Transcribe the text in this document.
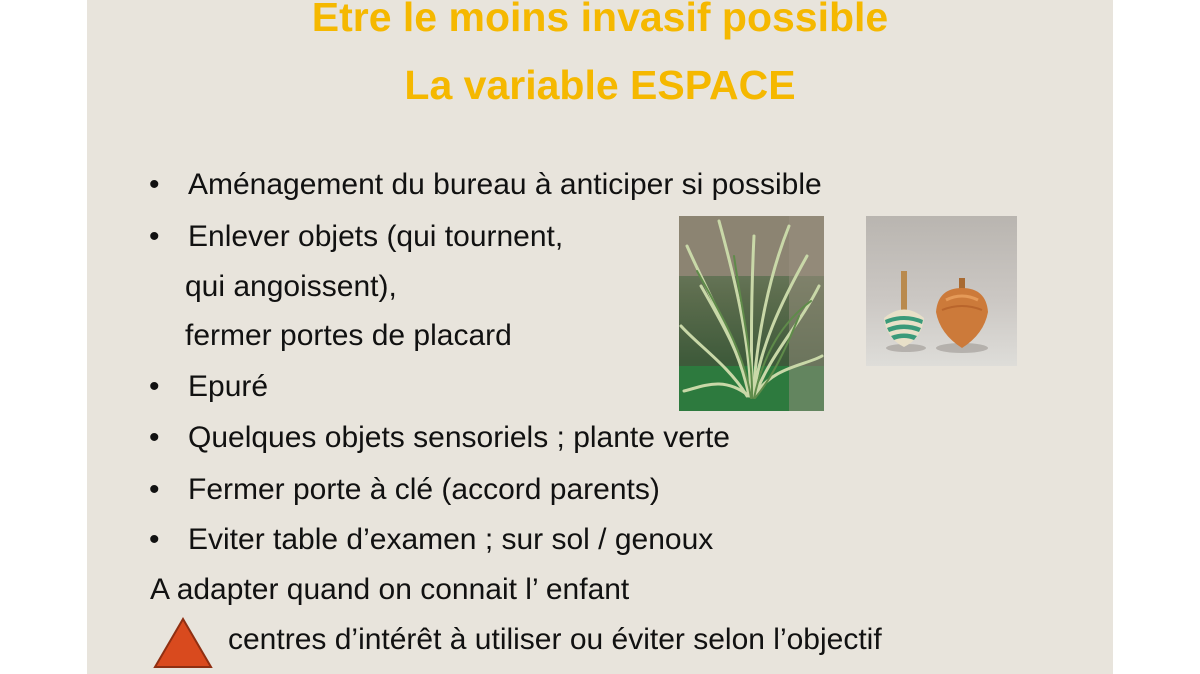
Etre le moins invasif possible
La variable ESPACE
• Aménagement du bureau à anticiper si possible
• Enlever objets (qui tournent,
qui angoissent),
fermer portes de placard
• Epuré
• Quelques objets sensoriels ; plante verte
• Fermer porte à clé (accord parents)
• Eviter table d’examen ; sur sol / genoux
A adapter quand on connait l’ enfant
centres d’intérêt à utiliser ou éviter selon l’objectif
